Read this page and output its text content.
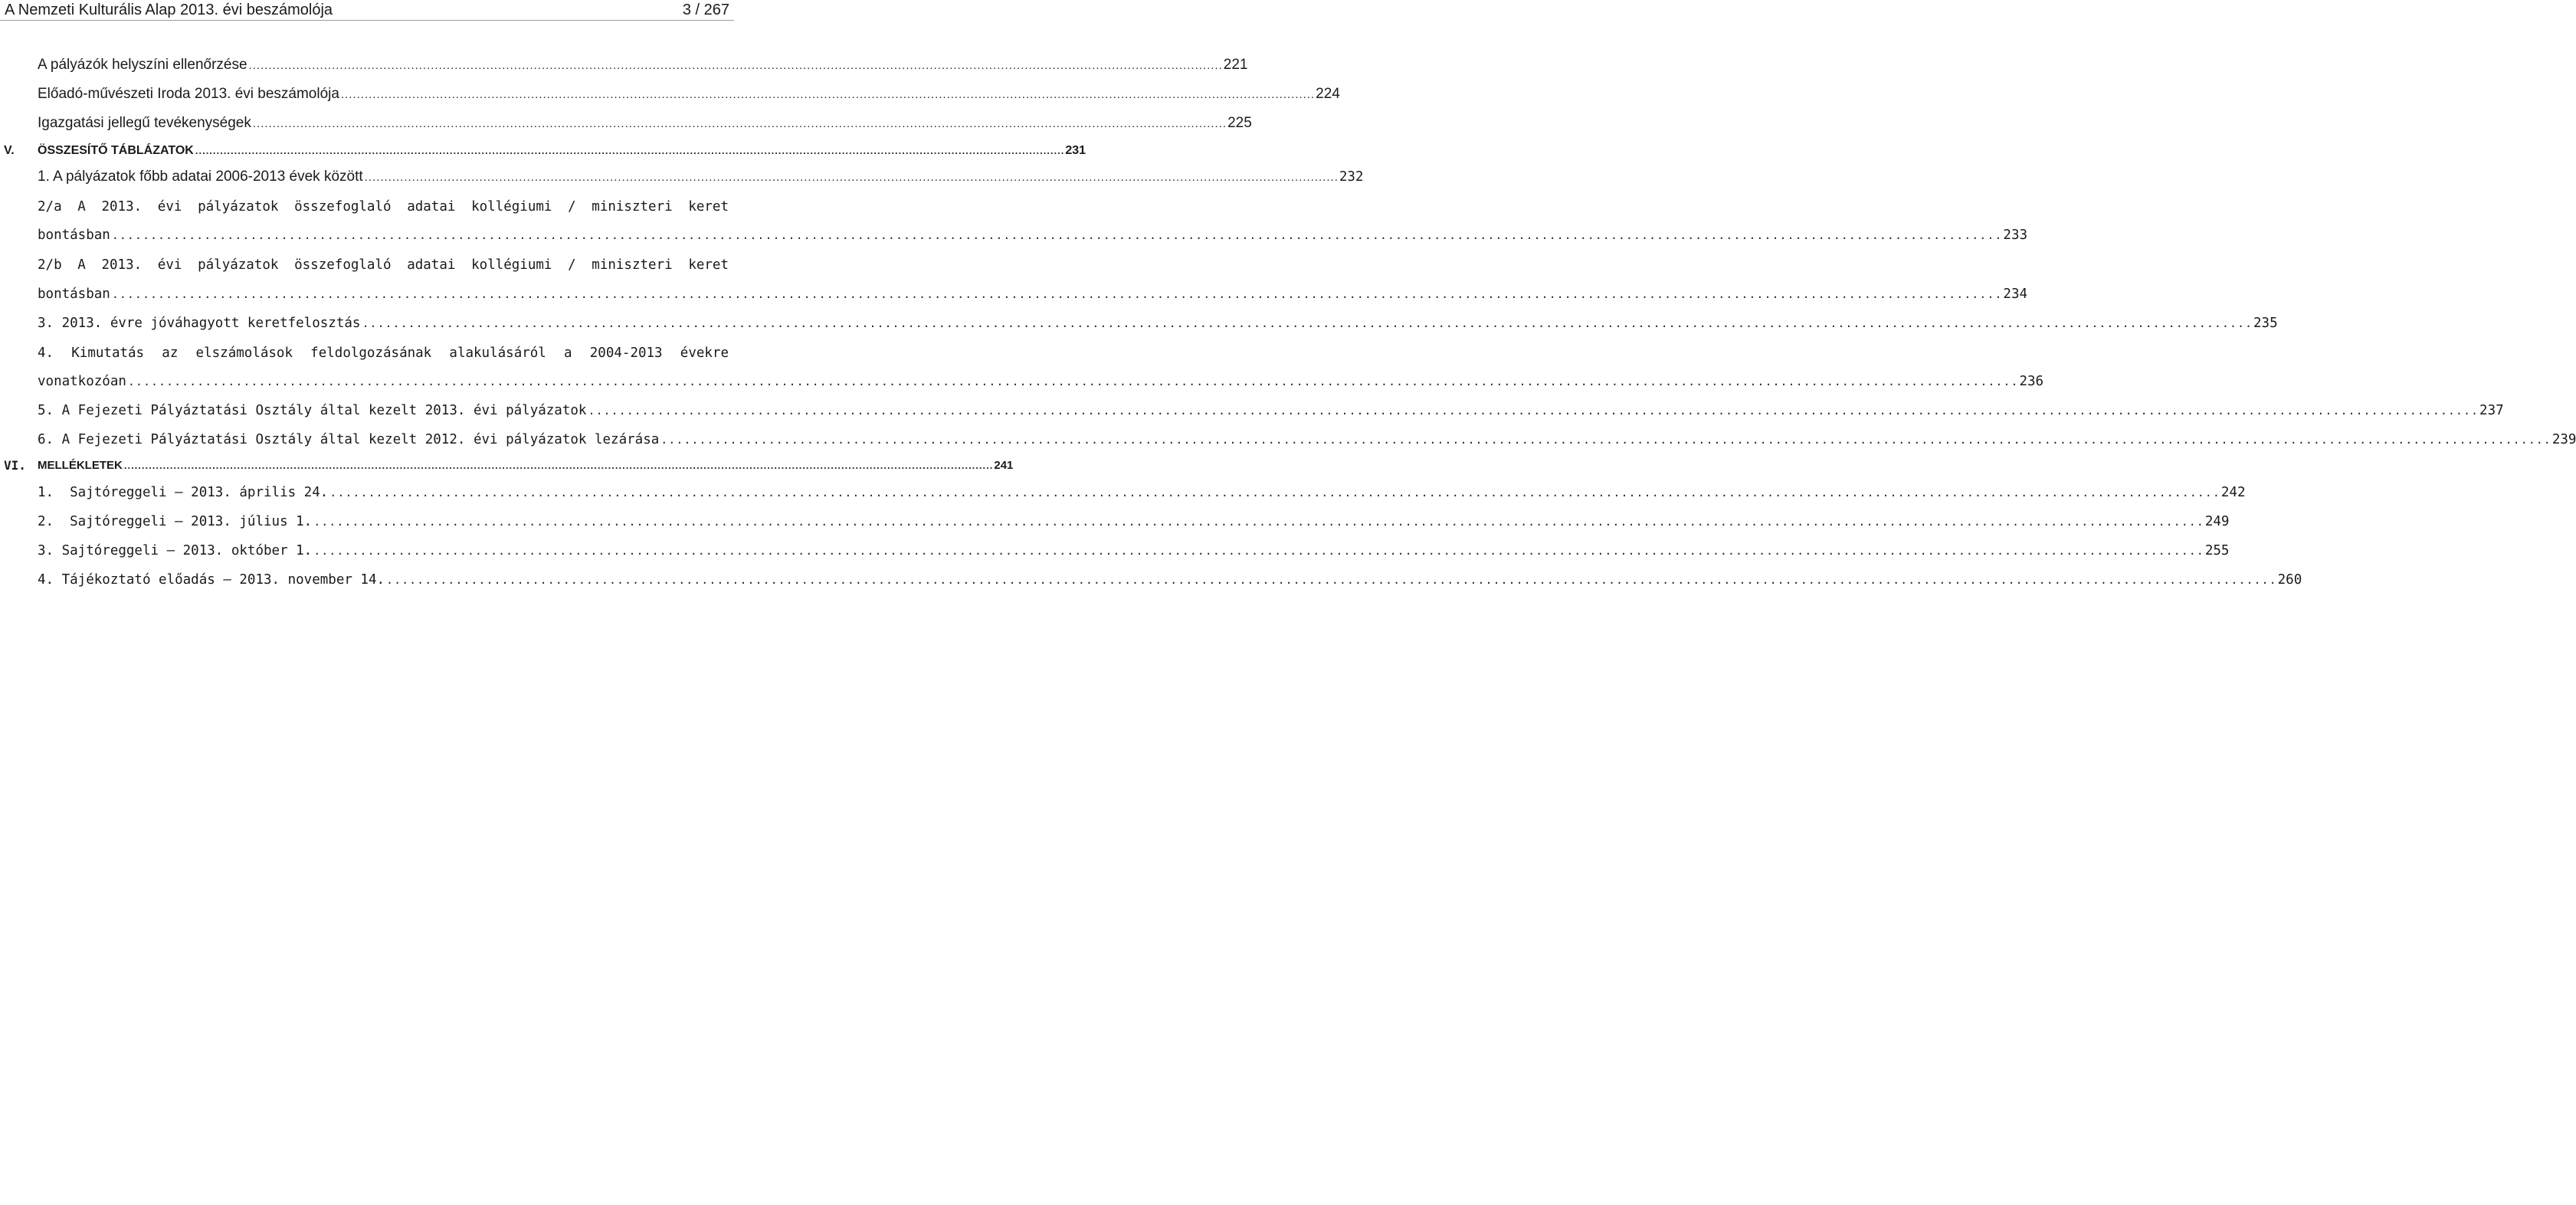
A Nemzeti Kulturális Alap 2013. évi beszámolója	3 / 267
A pályázók helyszíni ellenőrzése ...................................................................................................................................................................................................................................................... 221
Előadó-művészeti Iroda 2013. évi beszámolója ...................................................................................................................................................................................................................................................... 224
Igazgatási jellegű tevékenységek ...................................................................................................................................................................................................................................................... 225
V. ÖSSZESÍTŐ TÁBLÁZATOK ...................................................................................................................................................................................................................................................... 231
1. A pályázatok főbb adatai 2006-2013 évek között ...................................................................................................................................................................................................................................................... 232
2/a A 2013. évi pályázatok összefoglaló adatai kollégiumi / miniszteri keret
bontásban ...................................................................................................................................................................................................................................................... 233
2/b A 2013. évi pályázatok összefoglaló adatai kollégiumi / miniszteri keret
bontásban ...................................................................................................................................................................................................................................................... 234
3. 2013. évre jóváhagyott keretfelosztás ...................................................................................................................................................................................................................................................... 235
4. Kimutatás az elszámolások feldolgozásának alakulásáról a 2004-2013 évekre
vonatkozóan ...................................................................................................................................................................................................................................................... 236
5. A Fejezeti Pályáztatási Osztály által kezelt 2013. évi pályázatok ...................................................................................................................................................................................................................................................... 237
6. A Fejezeti Pályáztatási Osztály által kezelt 2012. évi pályázatok lezárása ...................................................................................................................................................................................................................................................... 239
VI. MELLÉKLETEK ...................................................................................................................................................................................................................................................... 241
1.  Sajtóreggeli – 2013. április 24. ...................................................................................................................................................................................................................................................... 242
2.  Sajtóreggeli – 2013. július 1. ...................................................................................................................................................................................................................................................... 249
3. Sajtóreggeli – 2013. október 1. ...................................................................................................................................................................................................................................................... 255
4. Tájékoztató előadás – 2013. november 14. ...................................................................................................................................................................................................................................................... 260
